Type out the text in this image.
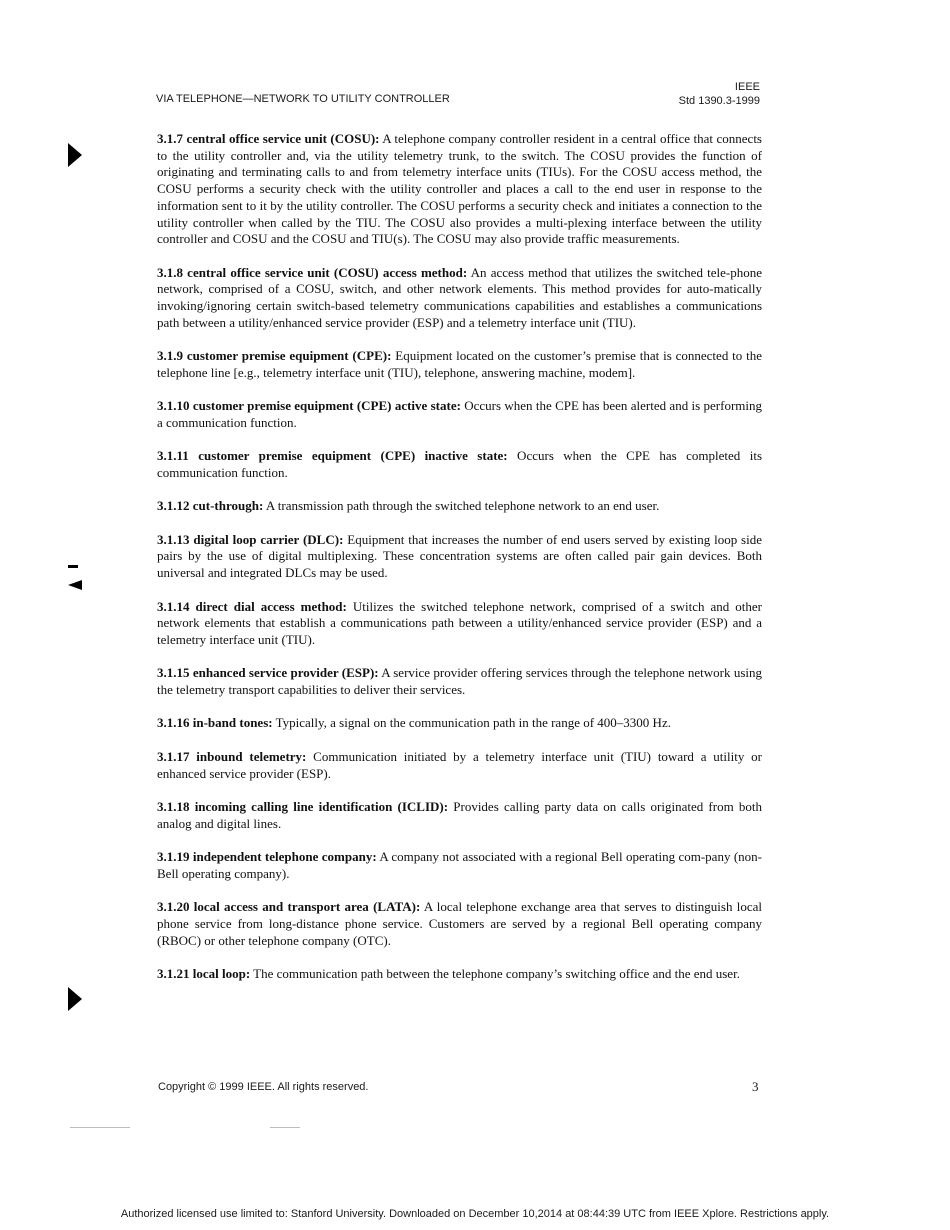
VIA TELEPHONE—NETWORK TO UTILITY CONTROLLER
IEEE
Std 1390.3-1999

3.1.7 central office service unit (COSU): A telephone company controller resident in a central office that connects to the utility controller and, via the utility telemetry trunk, to the switch. The COSU provides the function of originating and terminating calls to and from telemetry interface units (TIUs). For the COSU access method, the COSU performs a security check with the utility controller and places a call to the end user in response to the information sent to it by the utility controller. The COSU performs a security check and initiates a connection to the utility controller when called by the TIU. The COSU also provides a multi-plexing interface between the utility controller and COSU and the COSU and TIU(s). The COSU may also provide traffic measurements.

3.1.8 central office service unit (COSU) access method: An access method that utilizes the switched tele-phone network, comprised of a COSU, switch, and other network elements. This method provides for auto-matically invoking/ignoring certain switch-based telemetry communications capabilities and establishes a communications path between a utility/enhanced service provider (ESP) and a telemetry interface unit (TIU).

3.1.9 customer premise equipment (CPE): Equipment located on the customer’s premise that is connected to the telephone line [e.g., telemetry interface unit (TIU), telephone, answering machine, modem].

3.1.10 customer premise equipment (CPE) active state: Occurs when the CPE has been alerted and is performing a communication function.

3.1.11 customer premise equipment (CPE) inactive state: Occurs when the CPE has completed its communication function.

3.1.12 cut-through: A transmission path through the switched telephone network to an end user.

3.1.13 digital loop carrier (DLC): Equipment that increases the number of end users served by existing loop side pairs by the use of digital multiplexing. These concentration systems are often called pair gain devices. Both universal and integrated DLCs may be used.

3.1.14 direct dial access method: Utilizes the switched telephone network, comprised of a switch and other network elements that establish a communications path between a utility/enhanced service provider (ESP) and a telemetry interface unit (TIU).

3.1.15 enhanced service provider (ESP): A service provider offering services through the telephone network using the telemetry transport capabilities to deliver their services.

3.1.16 in-band tones: Typically, a signal on the communication path in the range of 400–3300 Hz.

3.1.17 inbound telemetry: Communication initiated by a telemetry interface unit (TIU) toward a utility or enhanced service provider (ESP).

3.1.18 incoming calling line identification (ICLID): Provides calling party data on calls originated from both analog and digital lines.

3.1.19 independent telephone company: A company not associated with a regional Bell operating com-pany (non-Bell operating company).

3.1.20 local access and transport area (LATA): A local telephone exchange area that serves to distinguish local phone service from long-distance phone service. Customers are served by a regional Bell operating company (RBOC) or other telephone company (OTC).

3.1.21 local loop: The communication path between the telephone company’s switching office and the end user.

Copyright © 1999 IEEE. All rights reserved.	3
Authorized licensed use limited to: Stanford University. Downloaded on December 10,2014 at 08:44:39 UTC from IEEE Xplore. Restrictions apply.
